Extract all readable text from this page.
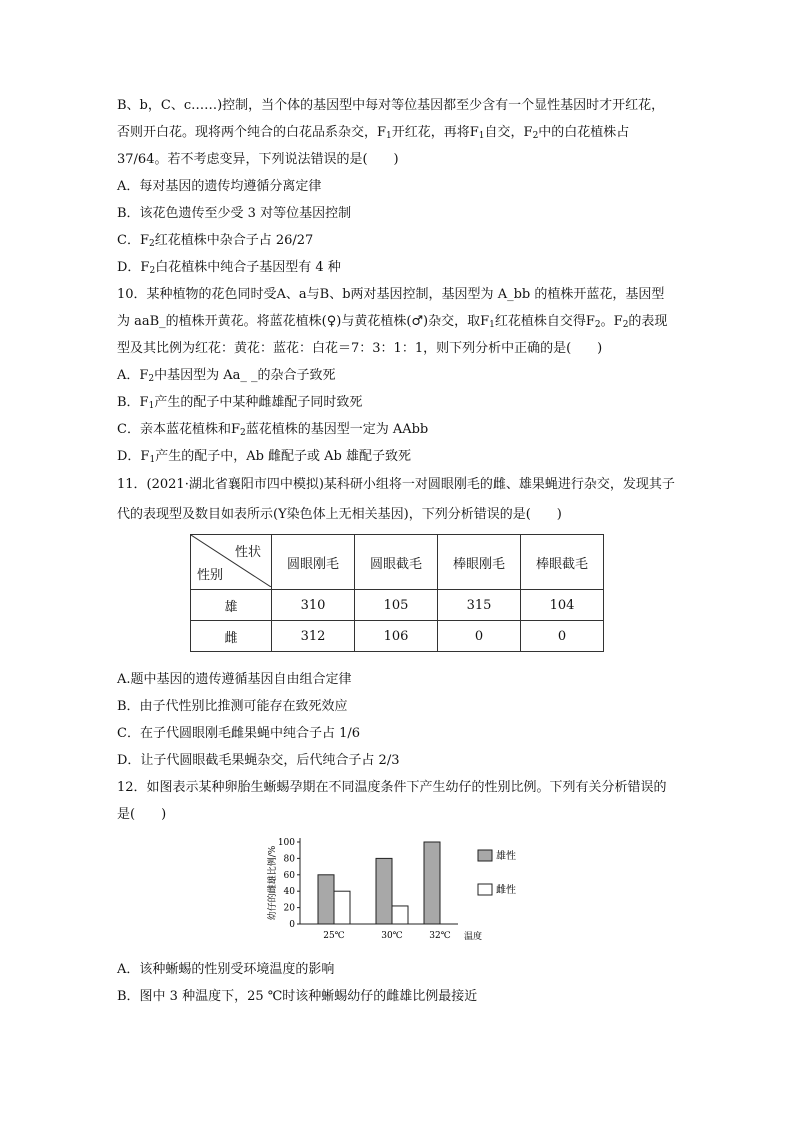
B、b，C、c……)控制，当个体的基因型中每对等位基因都至少含有一个显性基因时才开红花，否则开白花。现将两个纯合的白花品系杂交，$F_1$开红花，再将$F_1$自交，$F_2$中的白花植株占37/64。若不考虑变异，下列说法错误的是(　　)

A．每对基因的遗传均遵循分离定律

B．该花色遗传至少受 3 对等位基因控制

C．$F_2$红花植株中杂合子占 26/27

D．$F_2$白花植株中纯合子基因型有 4 种

10．某种植物的花色同时受A、a与B、b两对基因控制，基因型为 A_bb 的植株开蓝花，基因型为 aaB_的植株开黄花。将蓝花植株(♀)与黄花植株(♂)杂交，取$F_1$红花植株自交得$F_2$。$F_2$的表现型及其比例为红花：黄花：蓝花：白花＝7：3：1：1，则下列分析中正确的是(　　)

A．$F_2$中基因型为 Aa_ _的杂合子致死

B．$F_1$产生的配子中某种雌雄配子同时致死

C．亲本蓝花植株和$F_2$蓝花植株的基因型一定为 AAbb

D．$F_1$产生的配子中，Ab 雌配子或 Ab 雄配子致死

11．(2021·湖北省襄阳市四中模拟)某科研小组将一对圆眼刚毛的雌、雄果蝇进行杂交，发现其子代的表现型及数目如表所示(Y染色体上无相关基因)，下列分析错误的是(　　)

性状
性别	圆眼刚毛	圆眼截毛	棒眼刚毛	棒眼截毛
雄	310	105	315	104
雌	312	106	0	0

A.题中基因的遗传遵循基因自由组合定律

B．由子代性别比推测可能存在致死效应

C．在子代圆眼刚毛雌果蝇中纯合子占 1/6

D．让子代圆眼截毛果蝇杂交，后代纯合子占 2/3

12．如图表示某种卵胎生蜥蜴孕期在不同温度条件下产生幼仔的性别比例。下列有关分析错误的是(　　)

幼仔的雌雄比例/%
0
20
40
60
80
100
25℃	30℃	32℃ 温度
雄性
雌性

A．该种蜥蜴的性别受环境温度的影响

B．图中 3 种温度下，25 ℃时该种蜥蜴幼仔的雌雄比例最接近
